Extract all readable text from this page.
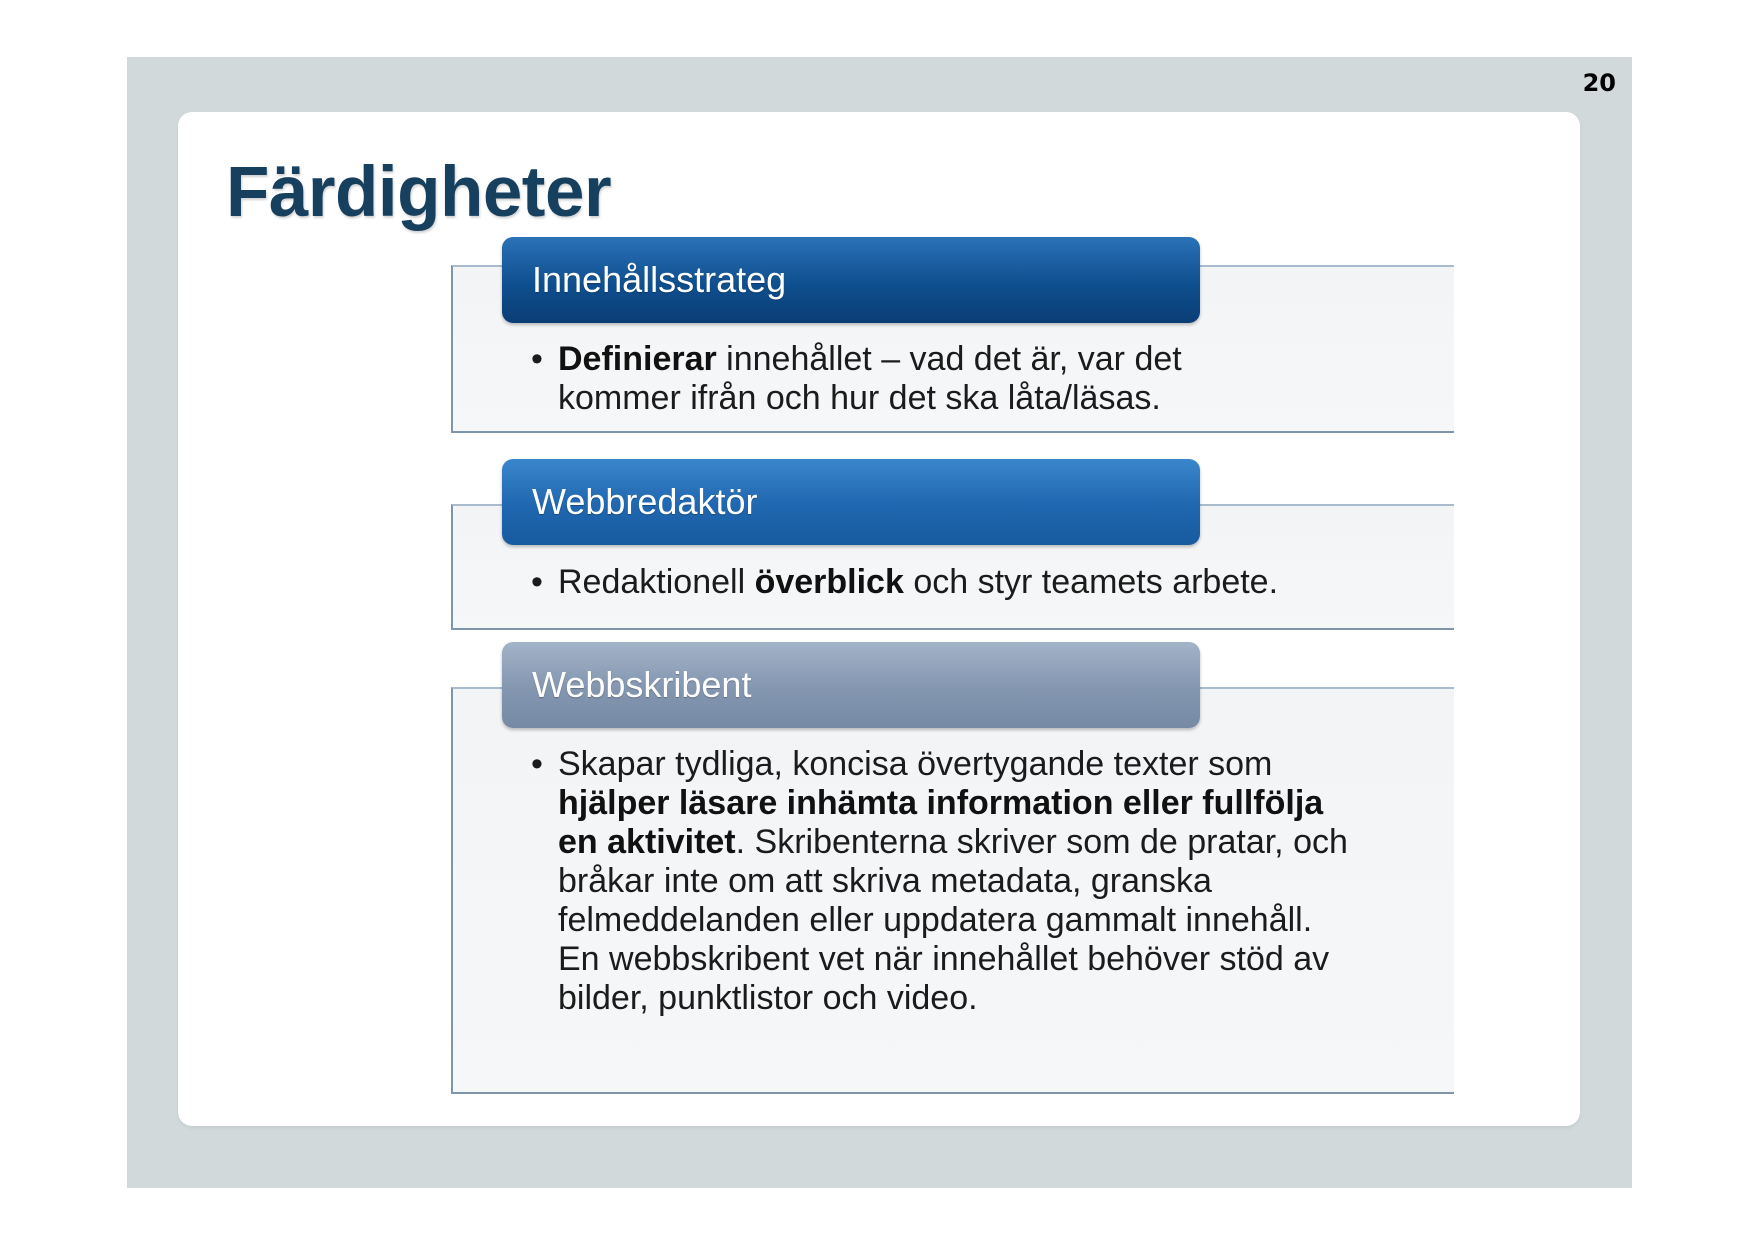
20
Färdigheter
Innehållsstrateg

• Definierar innehållet – vad det är, var det kommer ifrån och hur det ska låta/läsas.

Webbredaktör

• Redaktionell överblick och styr teamets arbete.

Webbskribent

• Skapar tydliga, koncisa övertygande texter som hjälper läsare inhämta information eller fullfölja en aktivitet. Skribenterna skriver som de pratar, och bråkar inte om att skriva metadata, granska felmeddelanden eller uppdatera gammalt innehåll. En webbskribent vet när innehållet behöver stöd av bilder, punktlistor och video.
